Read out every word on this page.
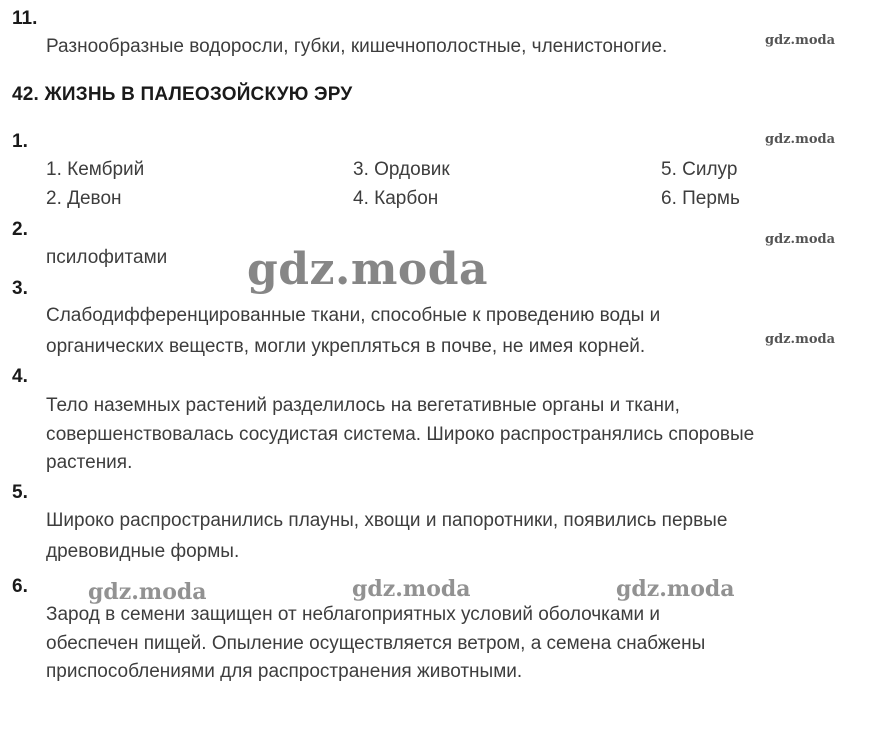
11.
Разнообразные водоросли, губки, кишечнополостные, членистоногие.
42. ЖИЗНЬ В ПАЛЕОЗОЙСКУЮ ЭРУ
1.
1. Кембрий	3. Ордовик	5. Силур
2. Девон	4. Карбон	6. Пермь
2.
псилофитами
3.
Слабодифференцированные ткани, способные к проведению воды и
органических веществ, могли укрепляться в почве, не имея корней.
4.
Тело наземных растений разделилось на вегетативные органы и ткани,
совершенствовалась сосудистая система. Широко распространялись споровые
растения.
5.
Широко распространились плауны, хвощи и папоротники, появились первые
древовидные формы.
6.
Зарод в семени защищен от неблагоприятных условий оболочками и
обеспечен пищей. Опыление осуществляется ветром, а семена снабжены
приспособлениями для распространения животными.
gdz.moda
gdz.moda
gdz.moda
gdz.moda
gdz.moda
gdz.moda	gdz.moda	gdz.moda
